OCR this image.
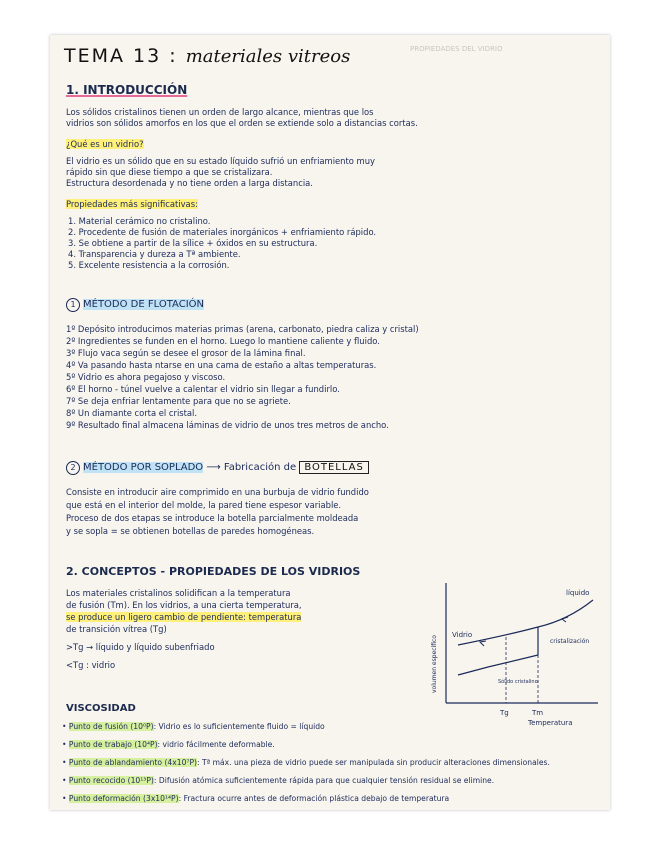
PROPIEDADES DEL VIDRIO
TEMA 13 : materiales vitreos
1. INTRODUCCIÓN
Los sólidos cristalinos tienen un orden de largo alcance, mientras que los
vidrios son sólidos amorfos en los que el orden se extiende solo a distancias cortas.
¿Qué es un vidrio?
El vidrio es un sólido que en su estado líquido sufrió un enfriamiento muy
rápido sin que diese tiempo a que se cristalizara.
Estructura desordenada y no tiene orden a larga distancia.
Propiedades más significativas:
1. Material cerámico no cristalino.
2. Procedente de fusión de materiales inorgánicos + enfriamiento rápido.
3. Se obtiene a partir de la sílice + óxidos en su estructura.
4. Transparencia y dureza a Tª ambiente.
5. Excelente resistencia a la corrosión.
1 MÉTODO DE FLOTACIÓN
1º Depósito introducimos materias primas (arena, carbonato, piedra caliza y cristal)
2º Ingredientes se funden en el horno. Luego lo mantiene caliente y fluido.
3º Flujo vaca según se desee el grosor de la lámina final.
4º Va pasando hasta ntarse en una cama de estaño a altas temperaturas.
5º Vidrio es ahora pegajoso y viscoso.
6º El horno - túnel vuelve a calentar el vidrio sin llegar a fundirlo.
7º Se deja enfriar lentamente para que no se agriete.
8º Un diamante corta el cristal.
9º Resultado final almacena láminas de vidrio de unos tres metros de ancho.
2 MÉTODO POR SOPLADO ⟶ Fabricación de BOTELLAS
Consiste en introducir aire comprimido en una burbuja de vidrio fundido
que está en el interior del molde, la pared tiene espesor variable.
Proceso de dos etapas se introduce la botella parcialmente moldeada
y se sopla = se obtienen botellas de paredes homogéneas.
2. CONCEPTOS - PROPIEDADES DE LOS VIDRIOS
Los materiales cristalinos solidifican a la temperatura
de fusión (Tm). En los vidrios, a una cierta temperatura,
se produce un ligero cambio de pendiente: temperatura
de transición vítrea (Tg)
>Tg → líquido y líquido subenfriado
<Tg : vidrio	volumen específico
Temperatura
Tg	Tm
líquido
Vidrio
cristalización
Sólido cristalino
VISCOSIDAD
• Punto de fusión (10⁰P): Vidrio es lo suficientemente fluido = líquido
• Punto de trabajo (10⁴P): vidrio fácilmente deformable.
• Punto de ablandamiento (4x10⁷P): Tª máx. una pieza de vidrio puede ser manipulada sin producir alteraciones dimensionales.
• Punto recocido (10¹³P): Difusión atómica suficientemente rápida para que cualquier tensión residual se elimine.
• Punto deformación (3x10¹⁴P): Fractura ocurre antes de deformación plástica debajo de temperatura
